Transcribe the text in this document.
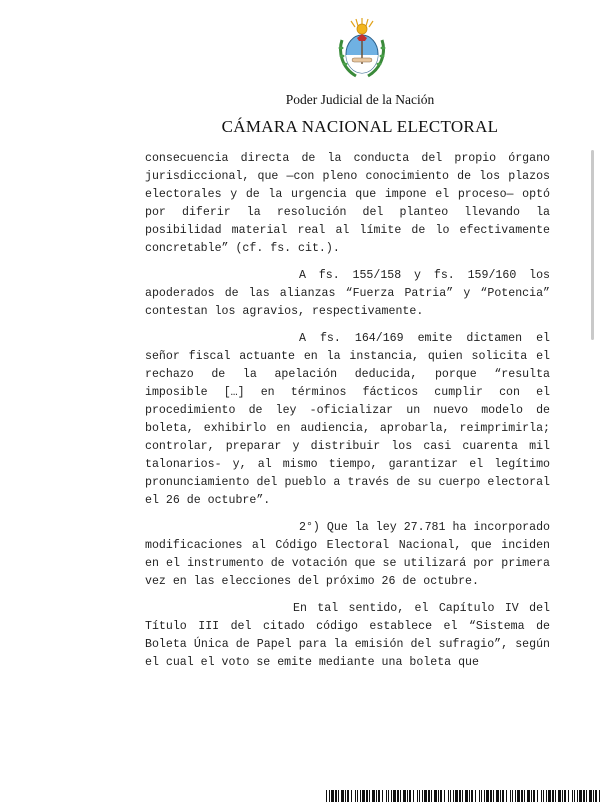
Poder Judicial de la Nación
CÁMARA NACIONAL ELECTORAL

consecuencia directa de la conducta del propio órgano jurisdiccional, que —con pleno conocimiento de los plazos electorales y de la urgencia que impone el proceso— optó por diferir la resolución del planteo llevando la posibilidad material real al límite de lo efectivamente concretable” (cf. fs. cit.).

A fs. 155/158 y fs. 159/160 los apoderados de las alianzas “Fuerza Patria” y “Potencia” contestan los agravios, respectivamente.

A fs. 164/169 emite dictamen el señor fiscal actuante en la instancia, quien solicita el rechazo de la apelación deducida, porque “resulta imposible […] en términos fácticos cumplir con el procedimiento de ley -oficializar un nuevo modelo de boleta, exhibirlo en audiencia, aprobarla, reimprimirla; controlar, preparar y distribuir los casi cuarenta mil talonarios- y, al mismo tiempo, garantizar el legítimo pronunciamiento del pueblo a través de su cuerpo electoral el 26 de octubre”.

2°) Que la ley 27.781 ha incorporado modificaciones al Código Electoral Nacional, que inciden en el instrumento de votación que se utilizará por primera vez en las elecciones del próximo 26 de octubre.

En tal sentido, el Capítulo IV del Título III del citado código establece el “Sistema de Boleta Única de Papel para la emisión del sufragio”, según el cual el voto se emite mediante una boleta que
